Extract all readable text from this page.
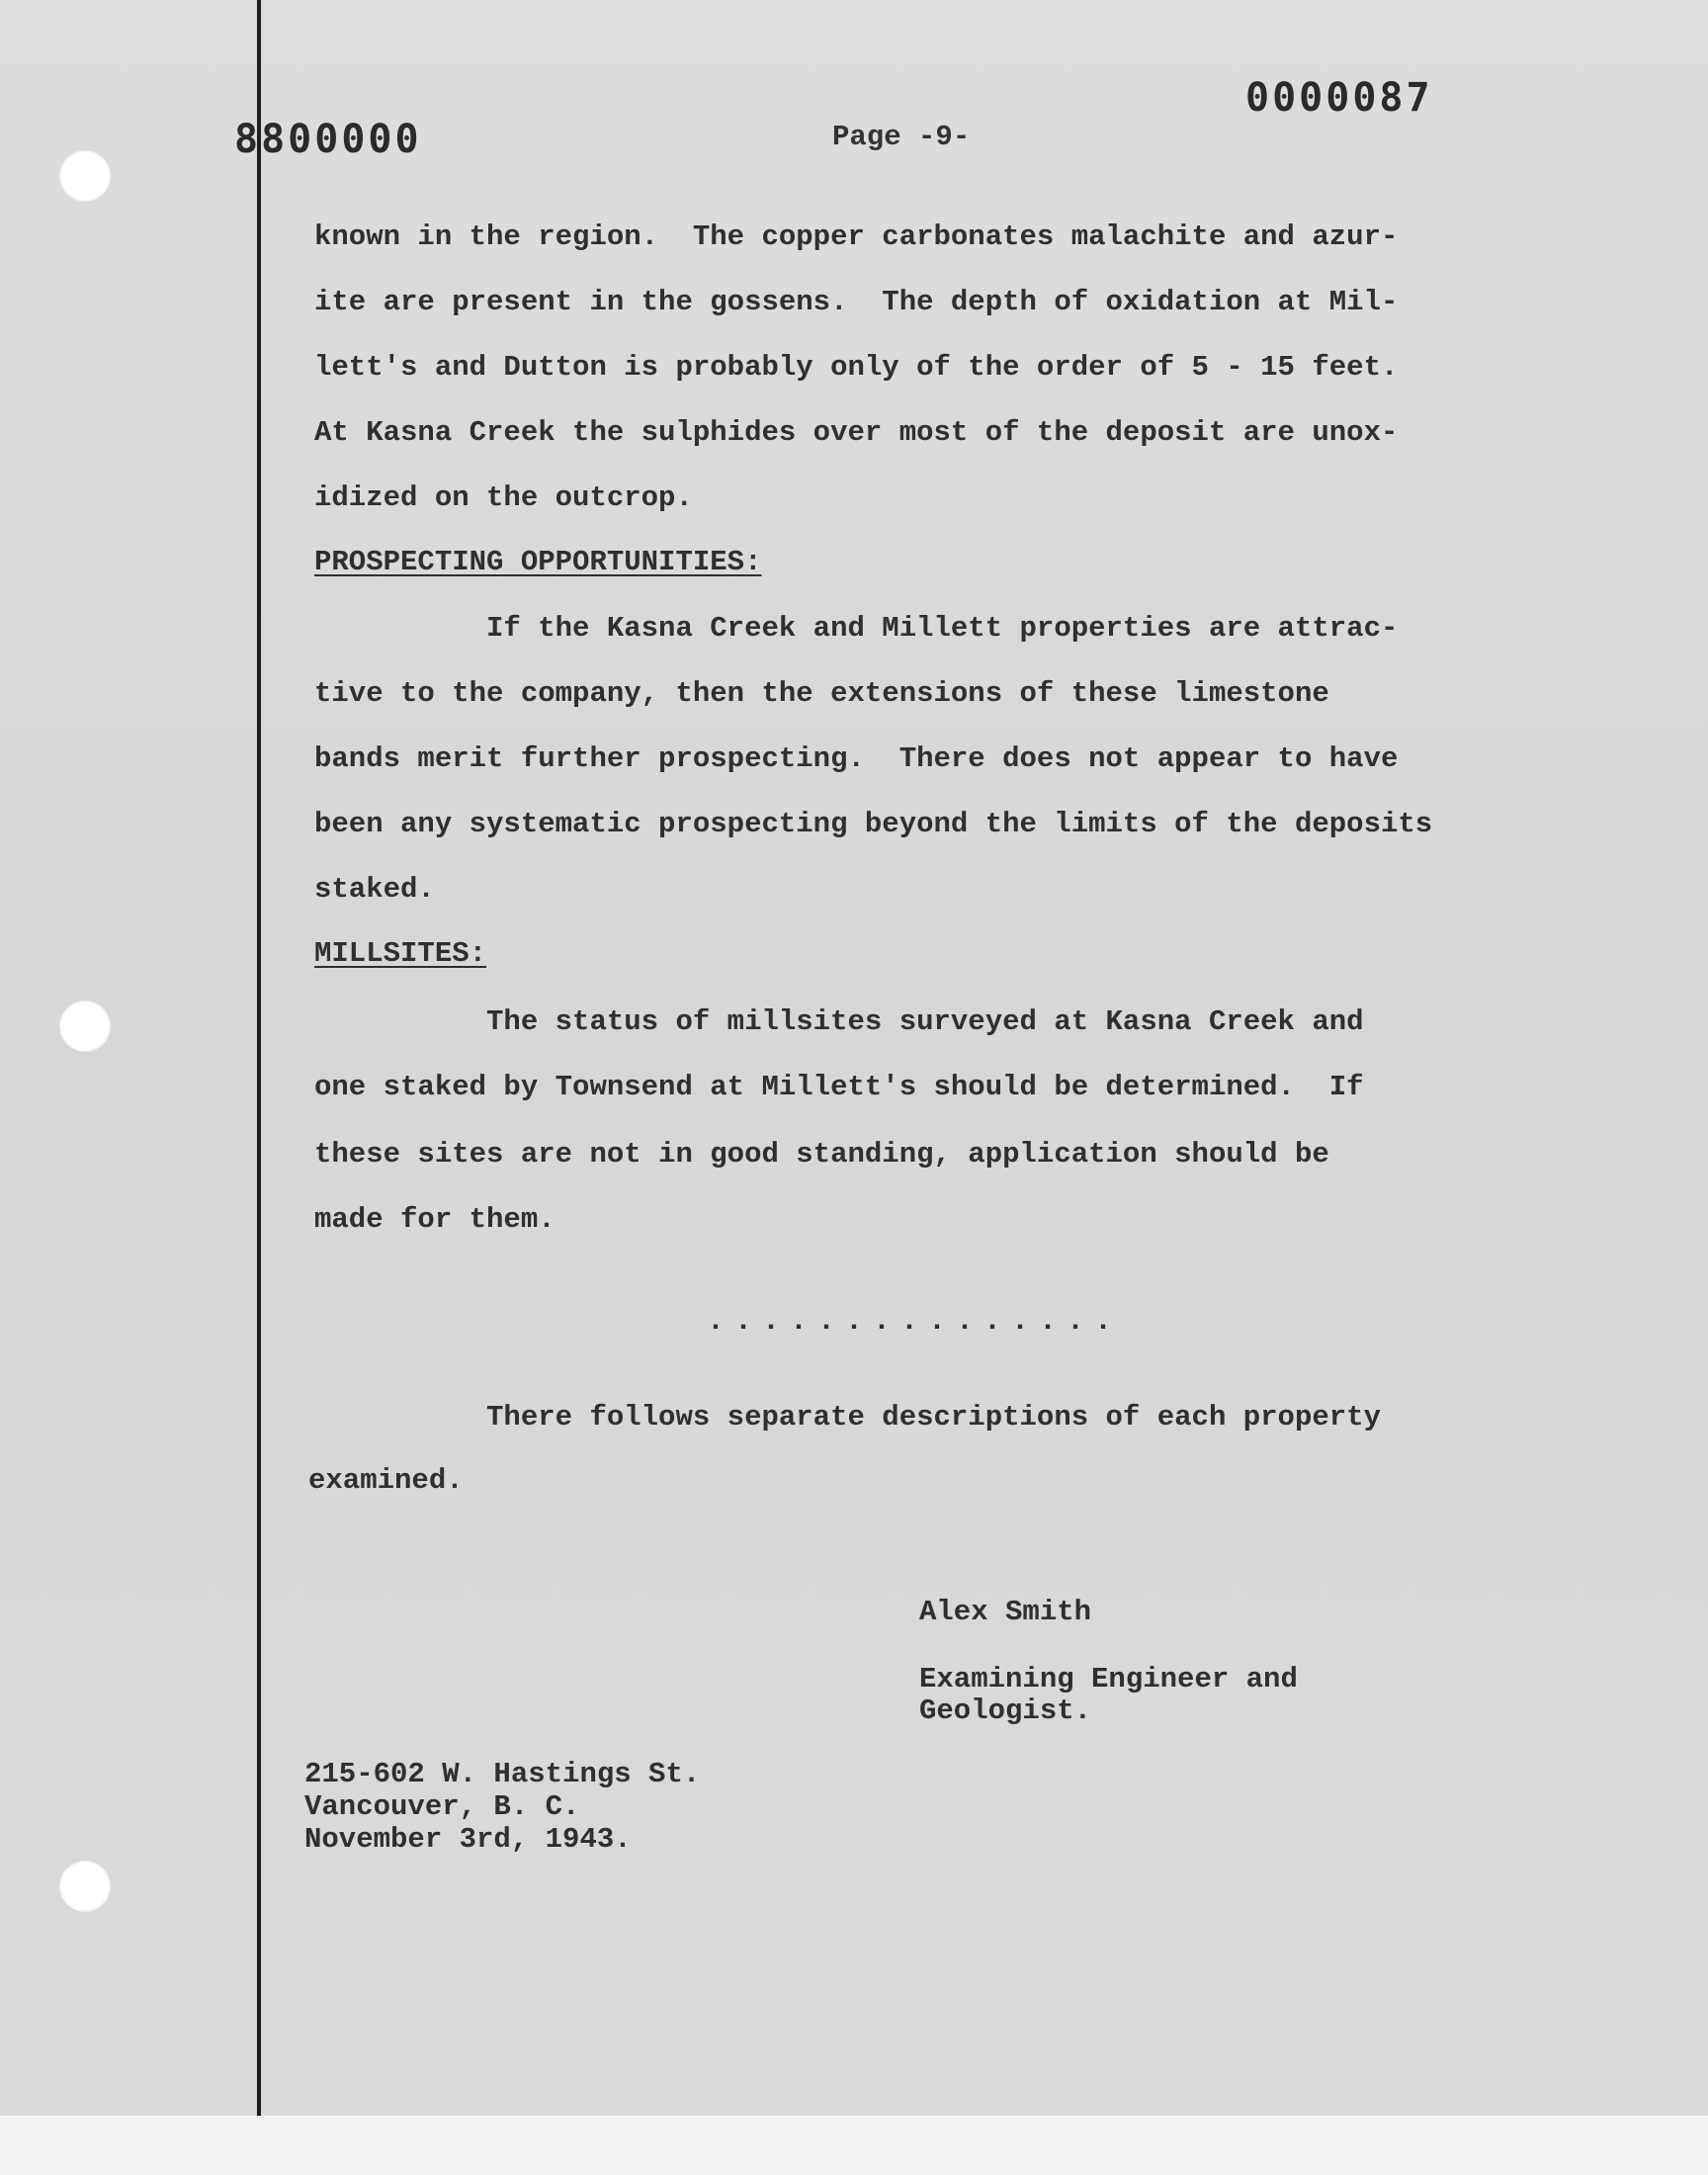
8800000
0000087
Page -9-
known in the region.  The copper carbonates malachite and azur-
ite are present in the gossens.  The depth of oxidation at Mil-
lett's and Dutton is probably only of the order of 5 - 15 feet.
At Kasna Creek the sulphides over most of the deposit are unox-
idized on the outcrop.
PROSPECTING OPPORTUNITIES:
If the Kasna Creek and Millett properties are attrac-
tive to the company, then the extensions of these limestone
bands merit further prospecting.  There does not appear to have
been any systematic prospecting beyond the limits of the deposits
staked.
MILLSITES:
The status of millsites surveyed at Kasna Creek and
one staked by Townsend at Millett's should be determined.  If
these sites are not in good standing, application should be
made for them.
...............
There follows separate descriptions of each property
examined.
Alex Smith
Examining Engineer and
Geologist.
215-602 W. Hastings St.
Vancouver, B. C.
November 3rd, 1943.
